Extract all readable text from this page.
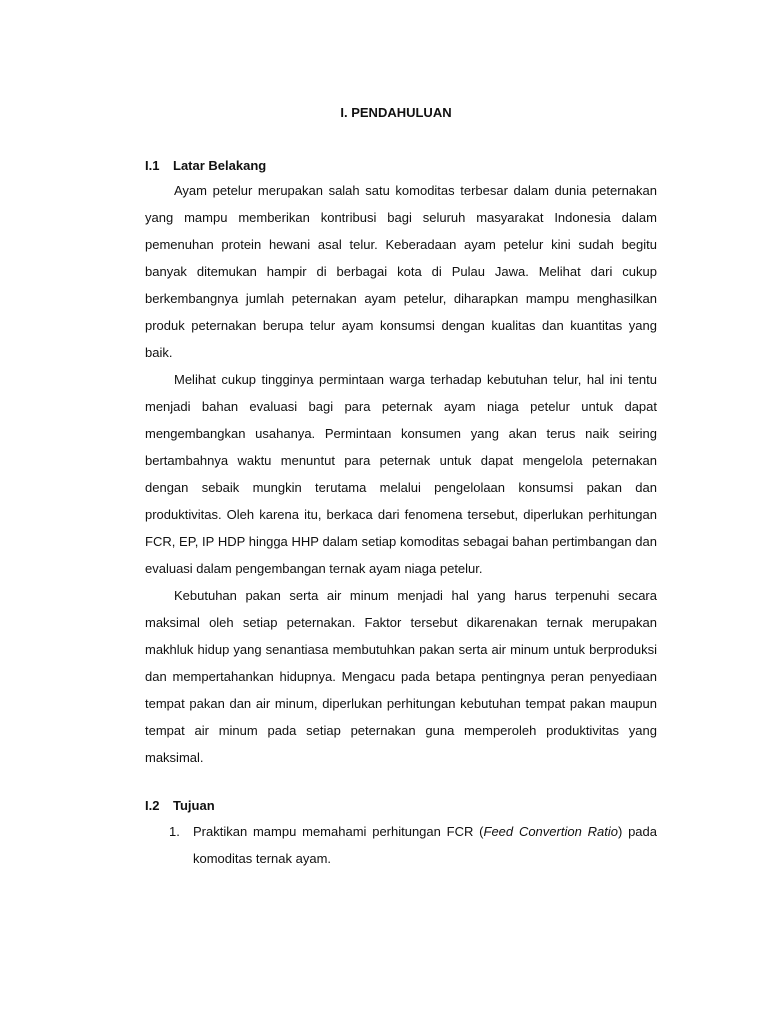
I. PENDAHULUAN
I.1 Latar Belakang

Ayam petelur merupakan salah satu komoditas terbesar dalam dunia peternakan yang mampu memberikan kontribusi bagi seluruh masyarakat Indonesia dalam pemenuhan protein hewani asal telur. Keberadaan ayam petelur kini sudah begitu banyak ditemukan hampir di berbagai kota di Pulau Jawa. Melihat dari cukup berkembangnya jumlah peternakan ayam petelur, diharapkan mampu menghasilkan produk peternakan berupa telur ayam konsumsi dengan kualitas dan kuantitas yang baik.

Melihat cukup tingginya permintaan warga terhadap kebutuhan telur, hal ini tentu menjadi bahan evaluasi bagi para peternak ayam niaga petelur untuk dapat mengembangkan usahanya. Permintaan konsumen yang akan terus naik seiring bertambahnya waktu menuntut para peternak untuk dapat mengelola peternakan dengan sebaik mungkin terutama melalui pengelolaan konsumsi pakan dan produktivitas. Oleh karena itu, berkaca dari fenomena tersebut, diperlukan perhitungan FCR, EP, IP HDP hingga HHP dalam setiap komoditas sebagai bahan pertimbangan dan evaluasi dalam pengembangan ternak ayam niaga petelur.

Kebutuhan pakan serta air minum menjadi hal yang harus terpenuhi secara maksimal oleh setiap peternakan. Faktor tersebut dikarenakan ternak merupakan makhluk hidup yang senantiasa membutuhkan pakan serta air minum untuk berproduksi dan mempertahankan hidupnya. Mengacu pada betapa pentingnya peran penyediaan tempat pakan dan air minum, diperlukan perhitungan kebutuhan tempat pakan maupun tempat air minum pada setiap peternakan guna memperoleh produktivitas yang maksimal.

I.2 Tujuan
1. Praktikan mampu memahami perhitungan FCR (Feed Convertion Ratio) pada komoditas ternak ayam.
